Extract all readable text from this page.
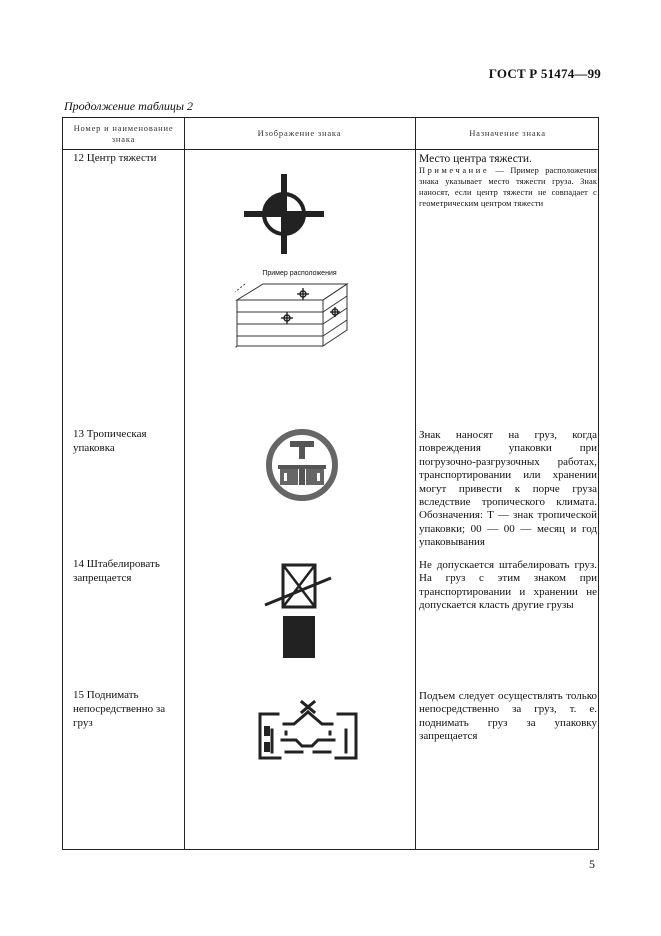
ГОСТ Р 51474—99
Продолжение таблицы 2
Номер и наименование
знака
Изображение знака	Назначение знака
12 Центр тяжести	Место центра тяжести.
Примечание — Пример расположения знака указывает место тяжести груза. Знак наносят, если центр тяжести не совпадает с геометрическим центром тяжести
Пример расположения
13 Тропическая упаковка
Знак наносят на груз, когда повреждения упаковки при погрузочно-разгрузочных работах, транспортировании или хранении могут привести к порче груза вследствие тропического климата. Обозначения: Т — знак тропической упаковки; 00 — 00 — месяц и год упаковывания
14 Штабелировать запрещается
Не допускается штабелировать груз. На груз с этим знаком при транспортировании и хранении не допускается класть другие грузы
15 Поднимать непосредственно за груз
Подъем следует осуществлять только непосредственно за груз, т. е. поднимать груз за упаковку запрещается
5
